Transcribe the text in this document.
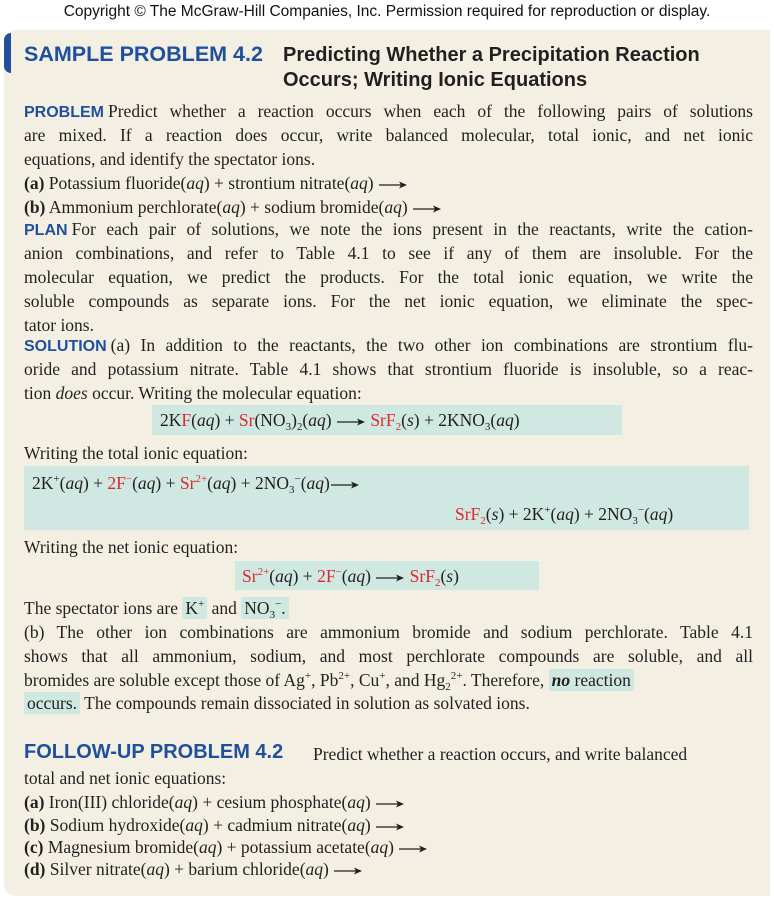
Copyright © The McGraw-Hill Companies, Inc. Permission required for reproduction or display.
SAMPLE PROBLEM 4.2 Predicting Whether a Precipitation Reaction
Occurs; Writing Ionic Equations
PROBLEM Predict whether a reaction occurs when each of the following pairs of solutions
are mixed. If a reaction does occur, write balanced molecular, total ionic, and net ionic
equations, and identify the spectator ions.
(a) Potassium fluoride(aq) + strontium nitrate(aq) →
(b) Ammonium perchlorate(aq) + sodium bromide(aq) →
PLAN For each pair of solutions, we note the ions present in the reactants, write the cation-
anion combinations, and refer to Table 4.1 to see if any of them are insoluble. For the
molecular equation, we predict the products. For the total ionic equation, we write the
soluble compounds as separate ions. For the net ionic equation, we eliminate the spec-
tator ions.
SOLUTION (a) In addition to the reactants, the two other ion combinations are strontium flu-
oride and potassium nitrate. Table 4.1 shows that strontium fluoride is insoluble, so a reac-
tion does occur. Writing the molecular equation:
$2KF(aq) + Sr(NO_3)_2(aq) \to SrF_2(s) + 2KNO_3(aq)$
Writing the total ionic equation:
$2K^+(aq) + 2F^-(aq) + Sr^{2+}(aq) + 2NO_3^-(aq)\to$
$SrF_2(s) + 2K^+(aq) + 2NO_3^-(aq)$
Writing the net ionic equation:
$Sr^{2+}(aq) + 2F^-(aq) \to SrF_2(s)$
The spectator ions are K+ and $NO_3^-$.
(b) The other ion combinations are ammonium bromide and sodium perchlorate. Table 4.1
shows that all ammonium, sodium, and most perchlorate compounds are soluble, and all
bromides are soluble except those of Ag+, $Pb^{2+}$, Cu+, and $Hg_2^{2+}$. Therefore, no reaction
occurs. The compounds remain dissociated in solution as solvated ions.
FOLLOW-UP PROBLEM 4.2 Predict whether a reaction occurs, and write balanced
total and net ionic equations:
(a) Iron(III) chloride(aq) + cesium phosphate(aq) →
(b) Sodium hydroxide(aq) + cadmium nitrate(aq) →
(c) Magnesium bromide(aq) + potassium acetate(aq) →
(d) Silver nitrate(aq) + barium chloride(aq) →
